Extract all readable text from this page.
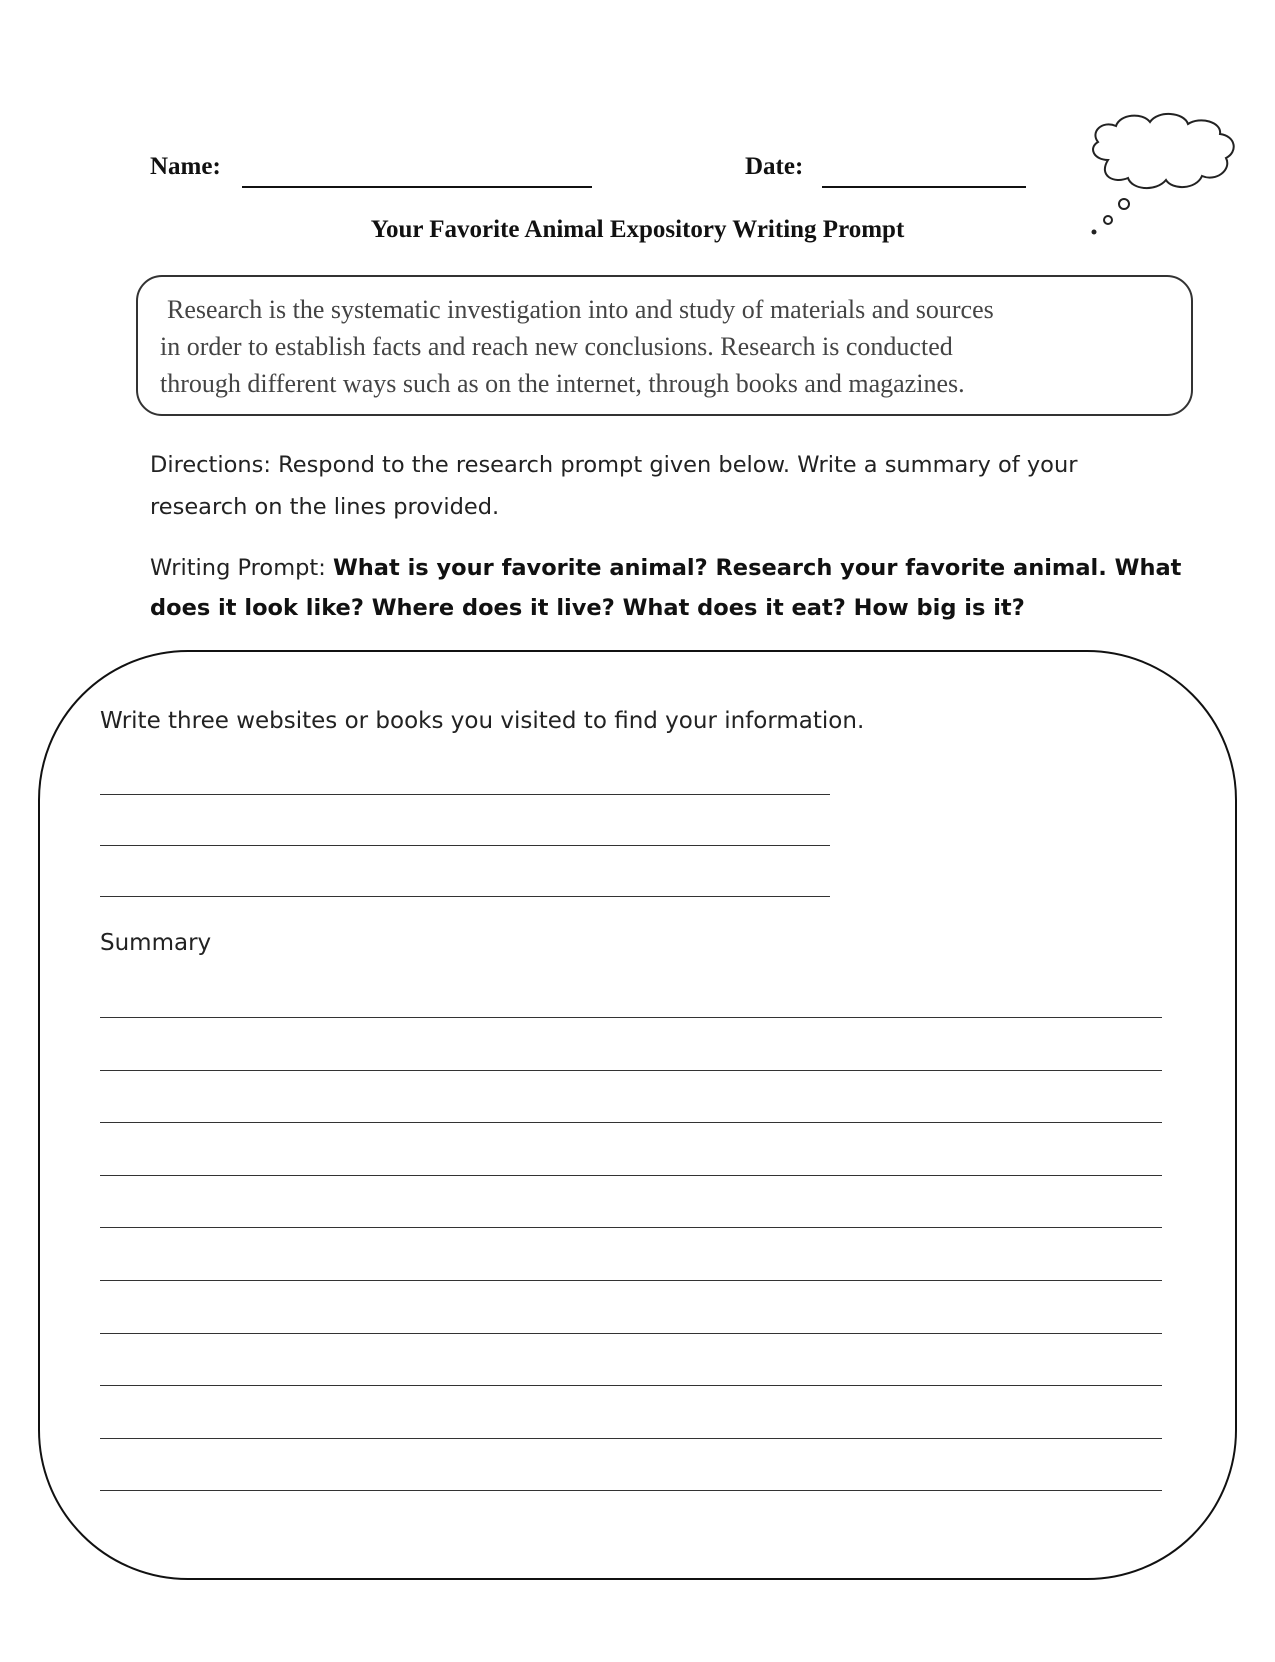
Name:	Date:
Your Favorite Animal Expository Writing Prompt
Research is the systematic investigation into and study of materials and sources
in order to establish facts and reach new conclusions. Research is conducted
through different ways such as on the internet, through books and magazines.
Directions: Respond to the research prompt given below. Write a summary of your research on the lines provided.
Writing Prompt: What is your favorite animal? Research your favorite animal. What does it look like? Where does it live? What does it eat? How big is it?
Write three websites or books you visited to find your information.
Summary
